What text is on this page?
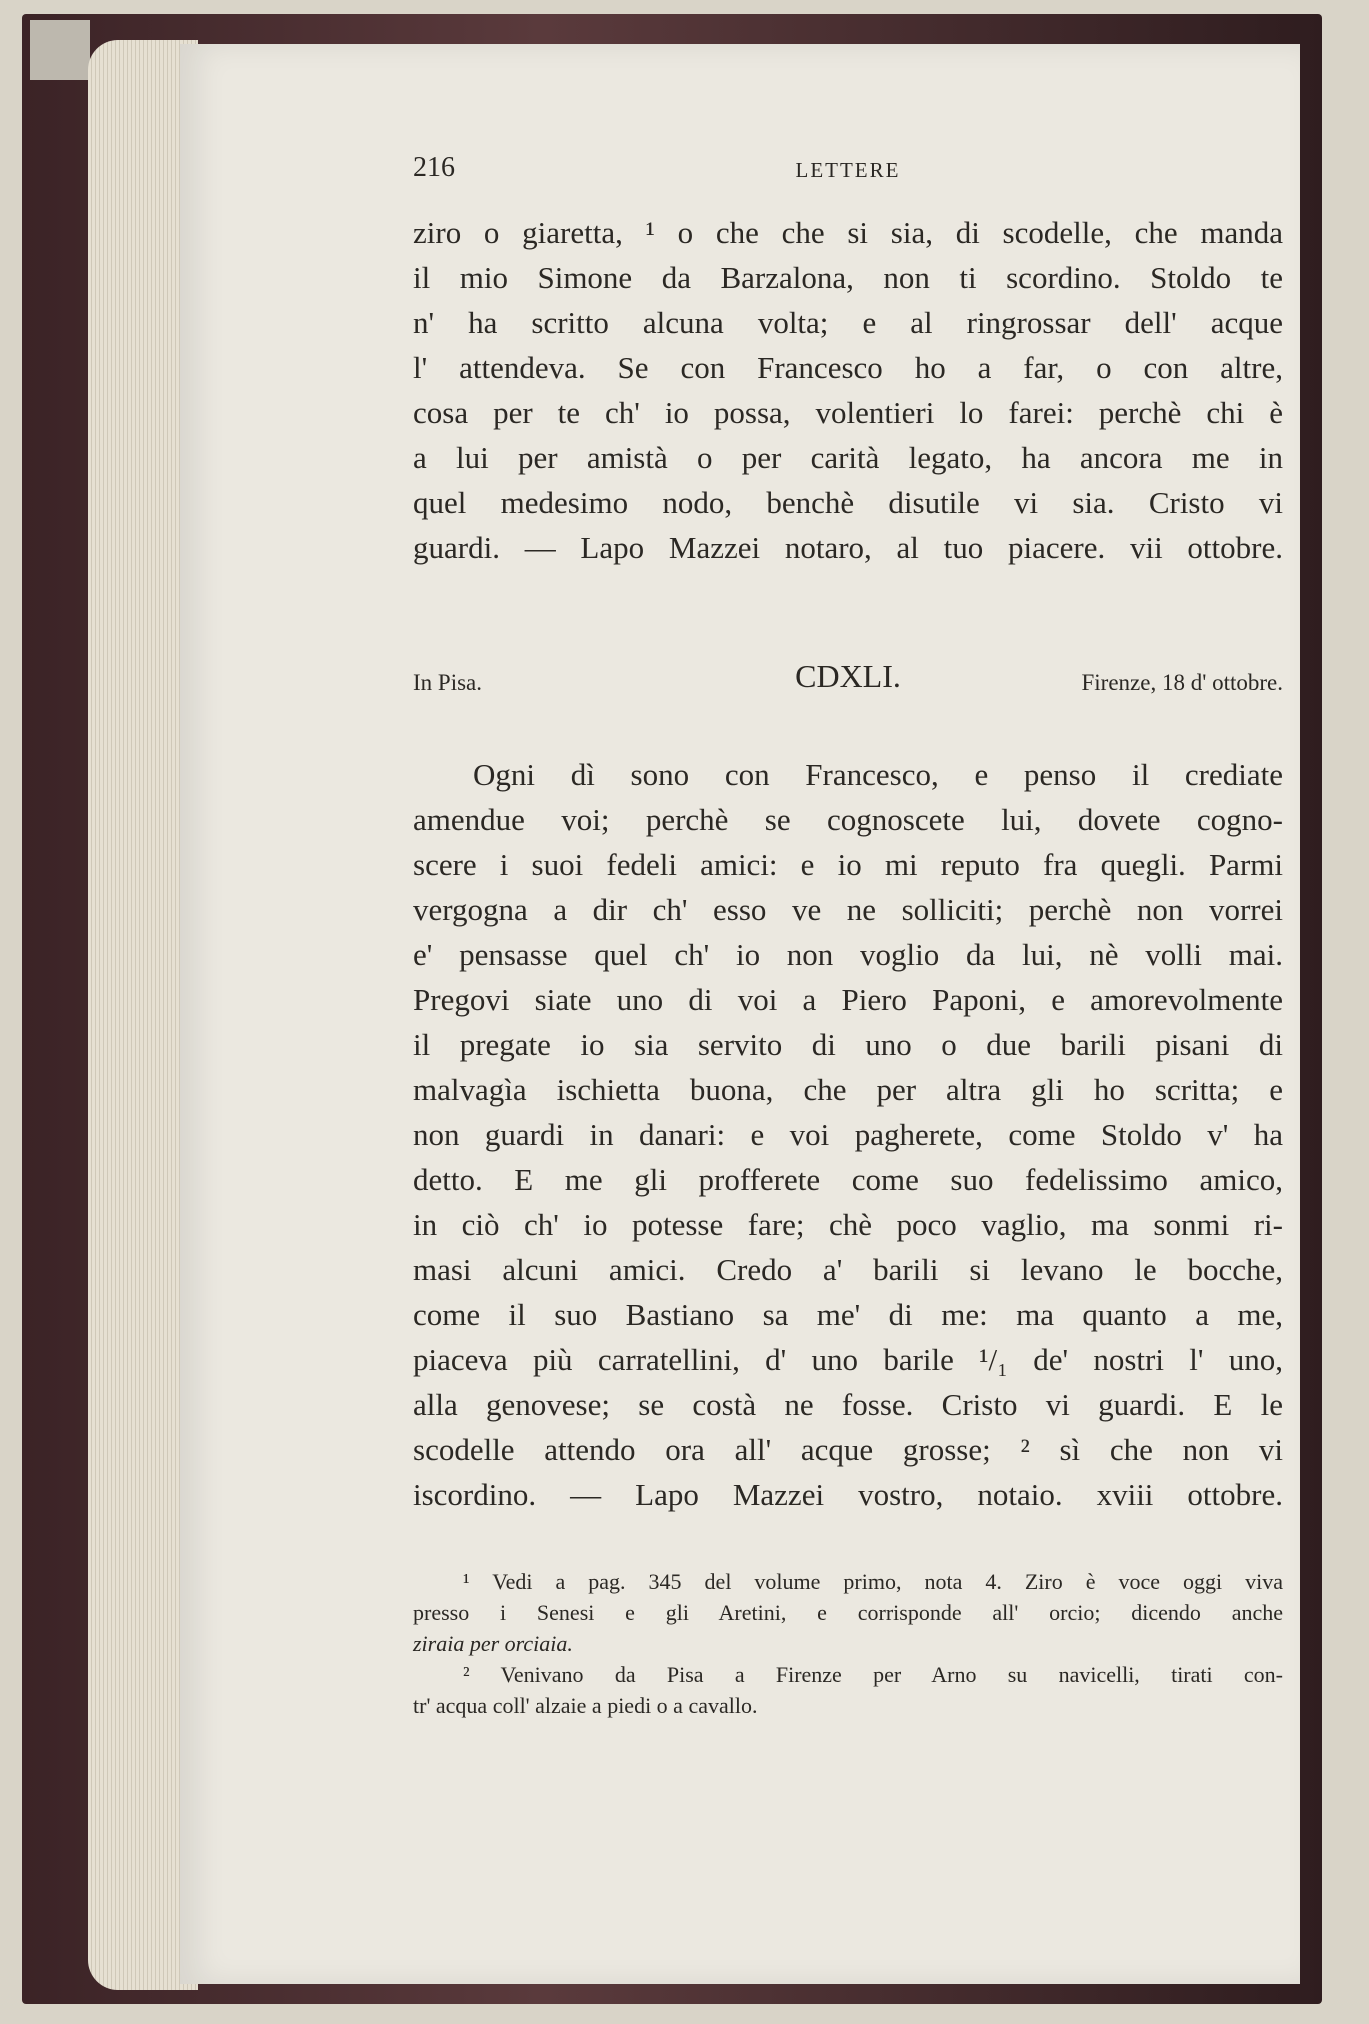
216	LETTERE
ziro o giaretta, ¹ o che che si sia, di scodelle, che manda
il mio Simone da Barzalona, non ti scordino. Stoldo te
n' ha scritto alcuna volta; e al ringrossar dell' acque
l' attendeva. Se con Francesco ho a far, o con altre,
cosa per te ch' io possa, volentieri lo farei: perchè chi è
a lui per amistà o per carità legato, ha ancora me in
quel medesimo nodo, benchè disutile vi sia. Cristo vi
guardi. — Lapo Mazzei notaro, al tuo piacere. vii ottobre.
In Pisa.	CDXLI.	Firenze, 18 d' ottobre.
Ogni dì sono con Francesco, e penso il crediate
amendue voi; perchè se cognoscete lui, dovete cogno-
scere i suoi fedeli amici: e io mi reputo fra quegli. Parmi
vergogna a dir ch' esso ve ne solliciti; perchè non vorrei
e' pensasse quel ch' io non voglio da lui, nè volli mai.
Pregovi siate uno di voi a Piero Paponi, e amorevolmente
il pregate io sia servito di uno o due barili pisani di
malvagìa ischietta buona, che per altra gli ho scritta; e
non guardi in danari: e voi pagherete, come Stoldo v' ha
detto. E me gli profferete come suo fedelissimo amico,
in ciò ch' io potesse fare; chè poco vaglio, ma sonmi ri-
masi alcuni amici. Credo a' barili si levano le bocche,
come il suo Bastiano sa me' di me: ma quanto a me,
piaceva più carratellini, d' uno barile ¹/₁ de' nostri l' uno,
alla genovese; se costà ne fosse. Cristo vi guardi. E le
scodelle attendo ora all' acque grosse; ² sì che non vi
iscordino. — Lapo Mazzei vostro, notaio. xviii ottobre.
¹ Vedi a pag. 345 del volume primo, nota 4. Ziro è voce oggi viva
presso i Senesi e gli Aretini, e corrisponde all' orcio; dicendo anche
ziraia per orciaia.
² Venivano da Pisa a Firenze per Arno su navicelli, tirati con-
tr' acqua coll' alzaie a piedi o a cavallo.
